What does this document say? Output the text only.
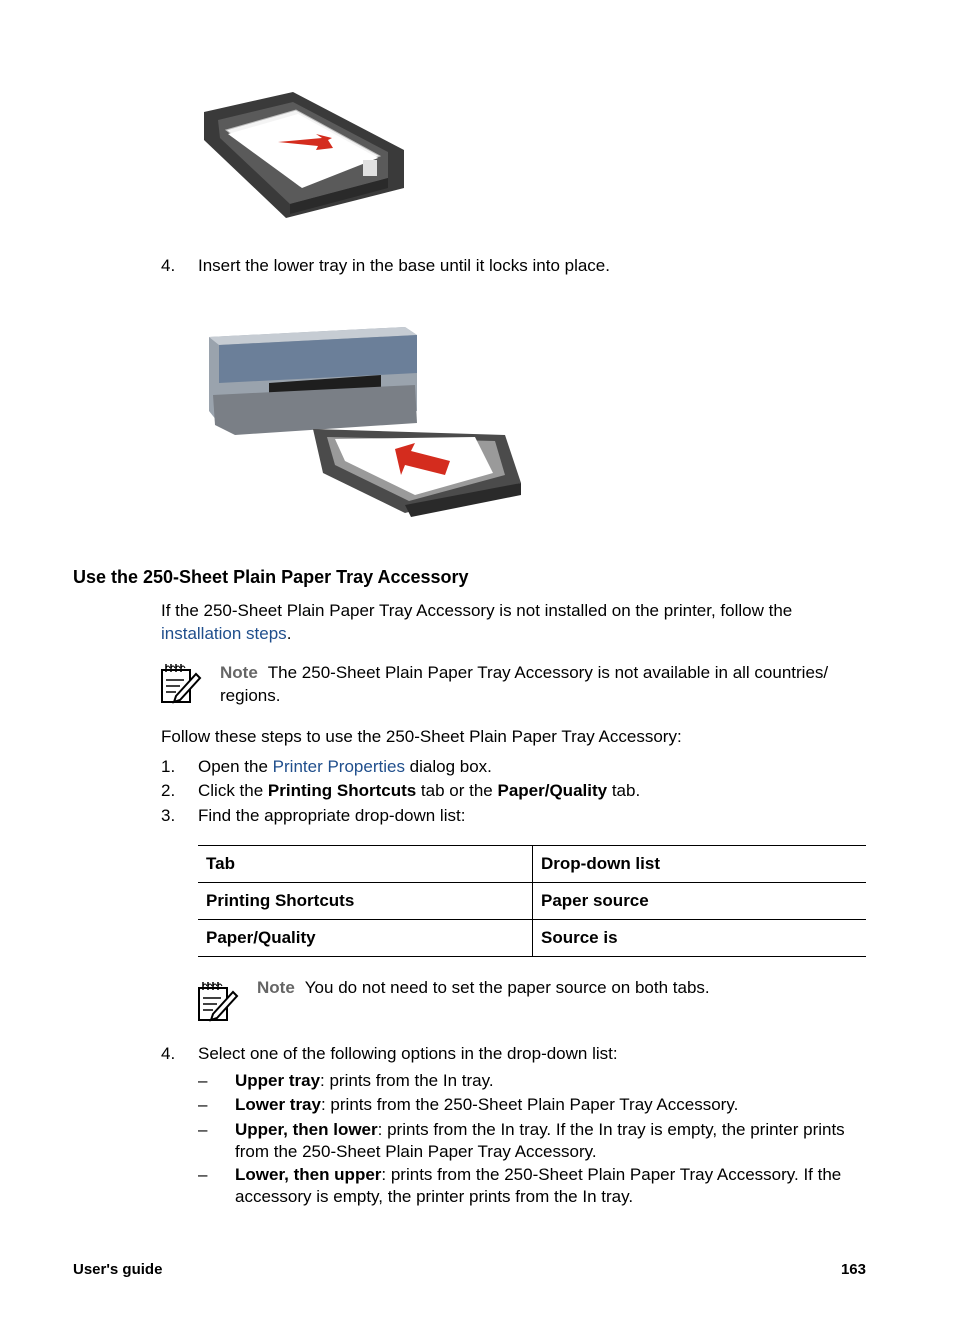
4. Insert the lower tray in the base until it locks into place.
Use the 250-Sheet Plain Paper Tray Accessory
If the 250-Sheet Plain Paper Tray Accessory is not installed on the printer, follow the installation steps.
Note The 250-Sheet Plain Paper Tray Accessory is not available in all countries/
regions.
Follow these steps to use the 250-Sheet Plain Paper Tray Accessory:
1. Open the Printer Properties dialog box.
2. Click the Printing Shortcuts tab or the Paper/Quality tab.
3. Find the appropriate drop-down list:
Tab	Drop-down list
Printing Shortcuts	Paper source
Paper/Quality	Source is
Note You do not need to set the paper source on both tabs.
4. Select one of the following options in the drop-down list:
– Upper tray: prints from the In tray.
– Lower tray: prints from the 250-Sheet Plain Paper Tray Accessory.
– Upper, then lower: prints from the In tray. If the In tray is empty, the printer prints from the 250-Sheet Plain Paper Tray Accessory.
– Lower, then upper: prints from the 250-Sheet Plain Paper Tray Accessory. If the accessory is empty, the printer prints from the In tray.
User's guide	163
